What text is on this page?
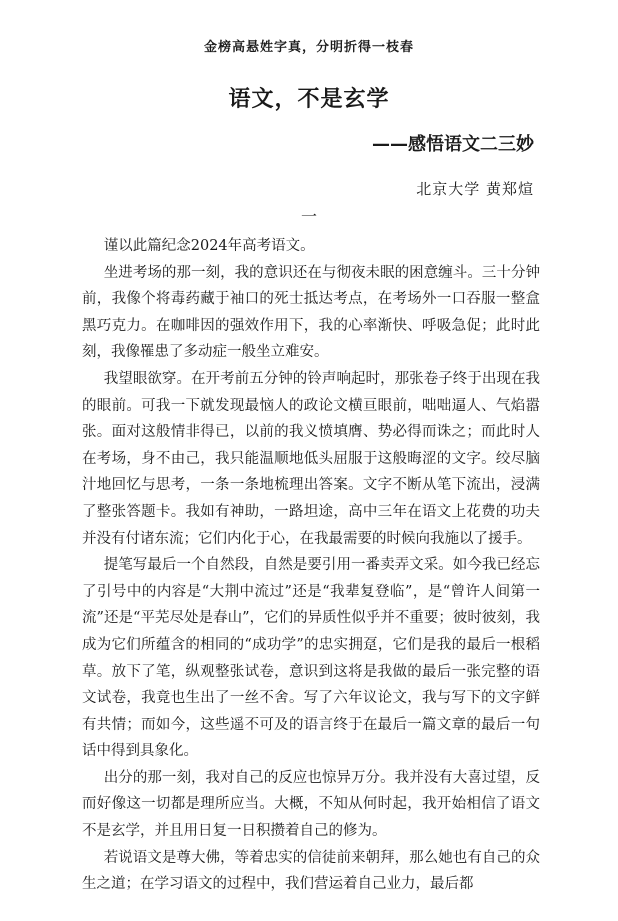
金榜高悬姓字真，分明折得一枝春
语文，不是玄学
——感悟语文二三妙
北京大学 黄郑煊
一

谨以此篇纪念2024年高考语文。

坐进考场的那一刻，我的意识还在与彻夜未眠的困意缠斗。三十分钟前，我像个将毒药藏于袖口的死士抵达考点，在考场外一口吞服一整盒黑巧克力。在咖啡因的强效作用下，我的心率渐快、呼吸急促；此时此刻，我像罹患了多动症一般坐立难安。

我望眼欲穿。在开考前五分钟的铃声响起时，那张卷子终于出现在我的眼前。可我一下就发现最恼人的政论文横亘眼前，咄咄逼人、气焰嚣张。面对这般情非得已，以前的我义愤填膺、势必得而诛之；而此时人在考场，身不由己，我只能温顺地低头屈服于这般晦涩的文字。绞尽脑汁地回忆与思考，一条一条地梳理出答案。文字不断从笔下流出，浸满了整张答题卡。我如有神助，一路坦途，高中三年在语文上花费的功夫并没有付诸东流；它们内化于心，在我最需要的时候向我施以了援手。

提笔写最后一个自然段，自然是要引用一番卖弄文采。如今我已经忘了引号中的内容是“大荆中流过”还是“我辈复登临”，是“曾许人间第一流”还是“平芜尽处是春山”，它们的异质性似乎并不重要；彼时彼刻，我成为它们所蕴含的相同的“成功学”的忠实拥趸，它们是我的最后一根稻草。放下了笔，纵观整张试卷，意识到这将是我做的最后一张完整的语文试卷，我竟也生出了一丝不舍。写了六年议论文，我与写下的文字鲜有共情；而如今，这些遥不可及的语言终于在最后一篇文章的最后一句话中得到具象化。

出分的那一刻，我对自己的反应也惊异万分。我并没有大喜过望，反而好像这一切都是理所应当。大概，不知从何时起，我开始相信了语文不是玄学，并且用日复一日积攒着自己的修为。

若说语文是尊大佛，等着忠实的信徒前来朝拜，那么她也有自己的众生之道；在学习语文的过程中，我们营运着自己业力，最后都
